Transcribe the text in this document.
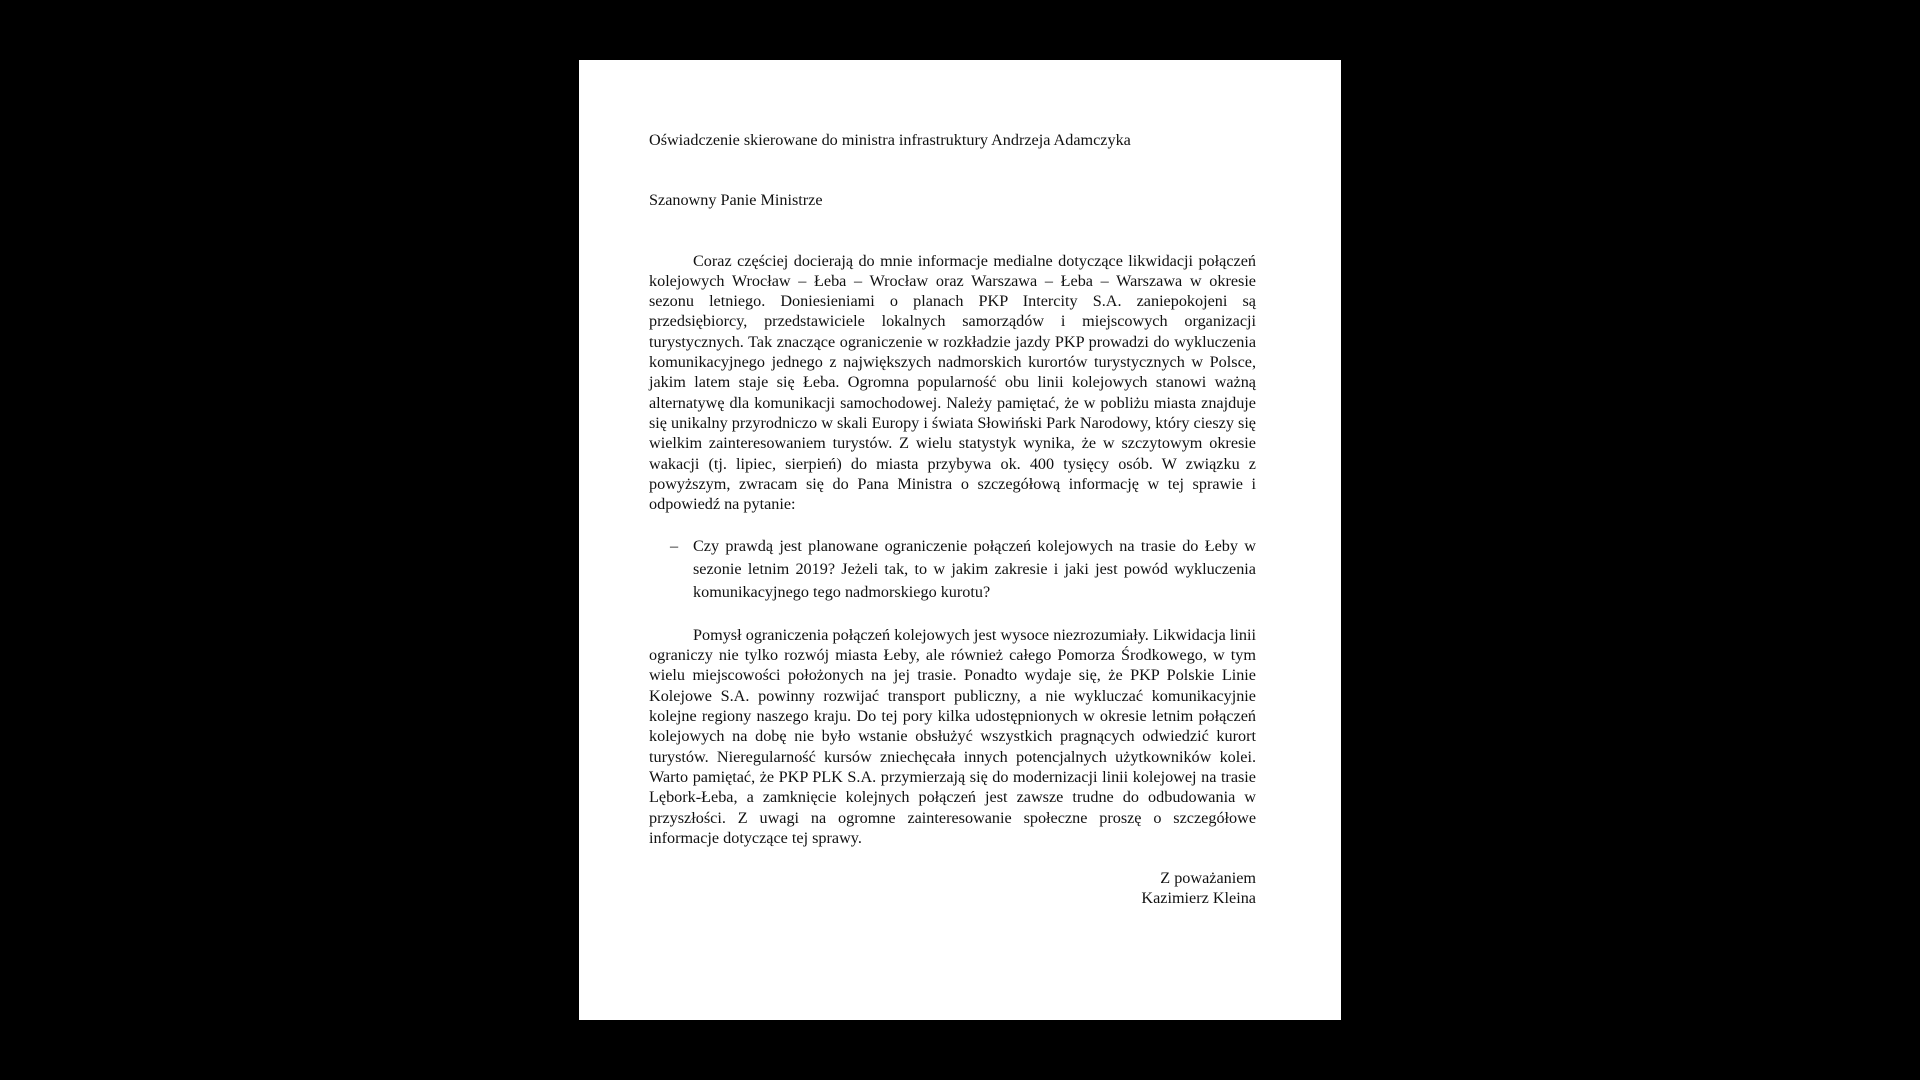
Oświadczenie skierowane do ministra infrastruktury Andrzeja Adamczyka

Szanowny Panie Ministrze

Coraz częściej docierają do mnie informacje medialne dotyczące likwidacji połączeń kolejowych Wrocław – Łeba – Wrocław oraz Warszawa – Łeba – Warszawa w okresie sezonu letniego. Doniesieniami o planach PKP Intercity S.A. zaniepokojeni są przedsiębiorcy, przedstawiciele lokalnych samorządów i miejscowych organizacji turystycznych. Tak znaczące ograniczenie w rozkładzie jazdy PKP prowadzi do wykluczenia komunikacyjnego jednego z największych nadmorskich kurortów turystycznych w Polsce, jakim latem staje się Łeba. Ogromna popularność obu linii kolejowych stanowi ważną alternatywę dla komunikacji samochodowej. Należy pamiętać, że w pobliżu miasta znajduje się unikalny przyrodniczo w skali Europy i świata Słowiński Park Narodowy, który cieszy się wielkim zainteresowaniem turystów. Z wielu statystyk wynika, że w szczytowym okresie wakacji (tj. lipiec, sierpień) do miasta przybywa ok. 400 tysięcy osób. W związku z powyższym, zwracam się do Pana Ministra o szczegółową informację w tej sprawie i odpowiedź na pytanie:

– Czy prawdą jest planowane ograniczenie połączeń kolejowych na trasie do Łeby w sezonie letnim 2019? Jeżeli tak, to w jakim zakresie i jaki jest powód wykluczenia komunikacyjnego tego nadmorskiego kurotu?

Pomysł ograniczenia połączeń kolejowych jest wysoce niezrozumiały. Likwidacja linii ograniczy nie tylko rozwój miasta Łeby, ale również całego Pomorza Środkowego, w tym wielu miejscowości położonych na jej trasie. Ponadto wydaje się, że PKP Polskie Linie Kolejowe S.A. powinny rozwijać transport publiczny, a nie wykluczać komunikacyjnie kolejne regiony naszego kraju. Do tej pory kilka udostępnionych w okresie letnim połączeń kolejowych na dobę nie było wstanie obsłużyć wszystkich pragnących odwiedzić kurort turystów. Nieregularność kursów zniechęcała innych potencjalnych użytkowników kolei. Warto pamiętać, że PKP PLK S.A. przymierzają się do modernizacji linii kolejowej na trasie Lębork-Łeba, a zamknięcie kolejnych połączeń jest zawsze trudne do odbudowania w przyszłości. Z uwagi na ogromne zainteresowanie społeczne proszę o szczegółowe informacje dotyczące tej sprawy.

Z poważaniem
Kazimierz Kleina
